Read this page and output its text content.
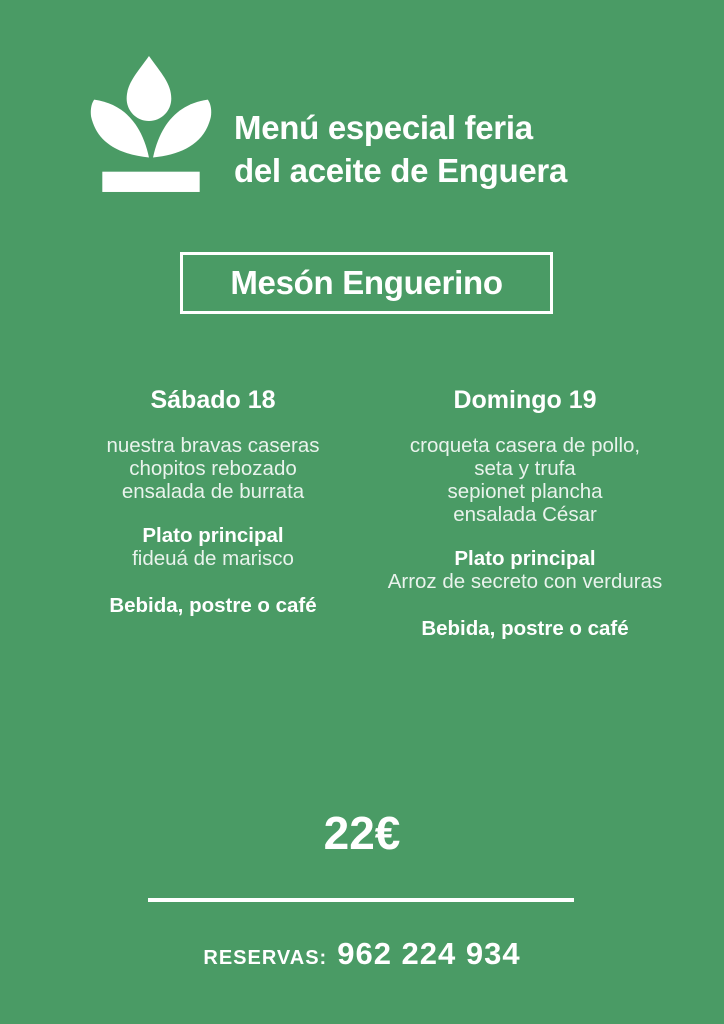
Menú especial feria
del aceite de Enguera
Mesón Enguerino
Sábado 18
nuestra bravas caseras
chopitos rebozado
ensalada de burrata
Plato principal
fideuá de marisco
Bebida, postre o café
Domingo 19
croqueta casera de pollo,
seta y trufa
sepionet plancha
ensalada César
Plato principal
Arroz de secreto con verduras
Bebida, postre o café
22€
RESERVAS: 962 224 934
